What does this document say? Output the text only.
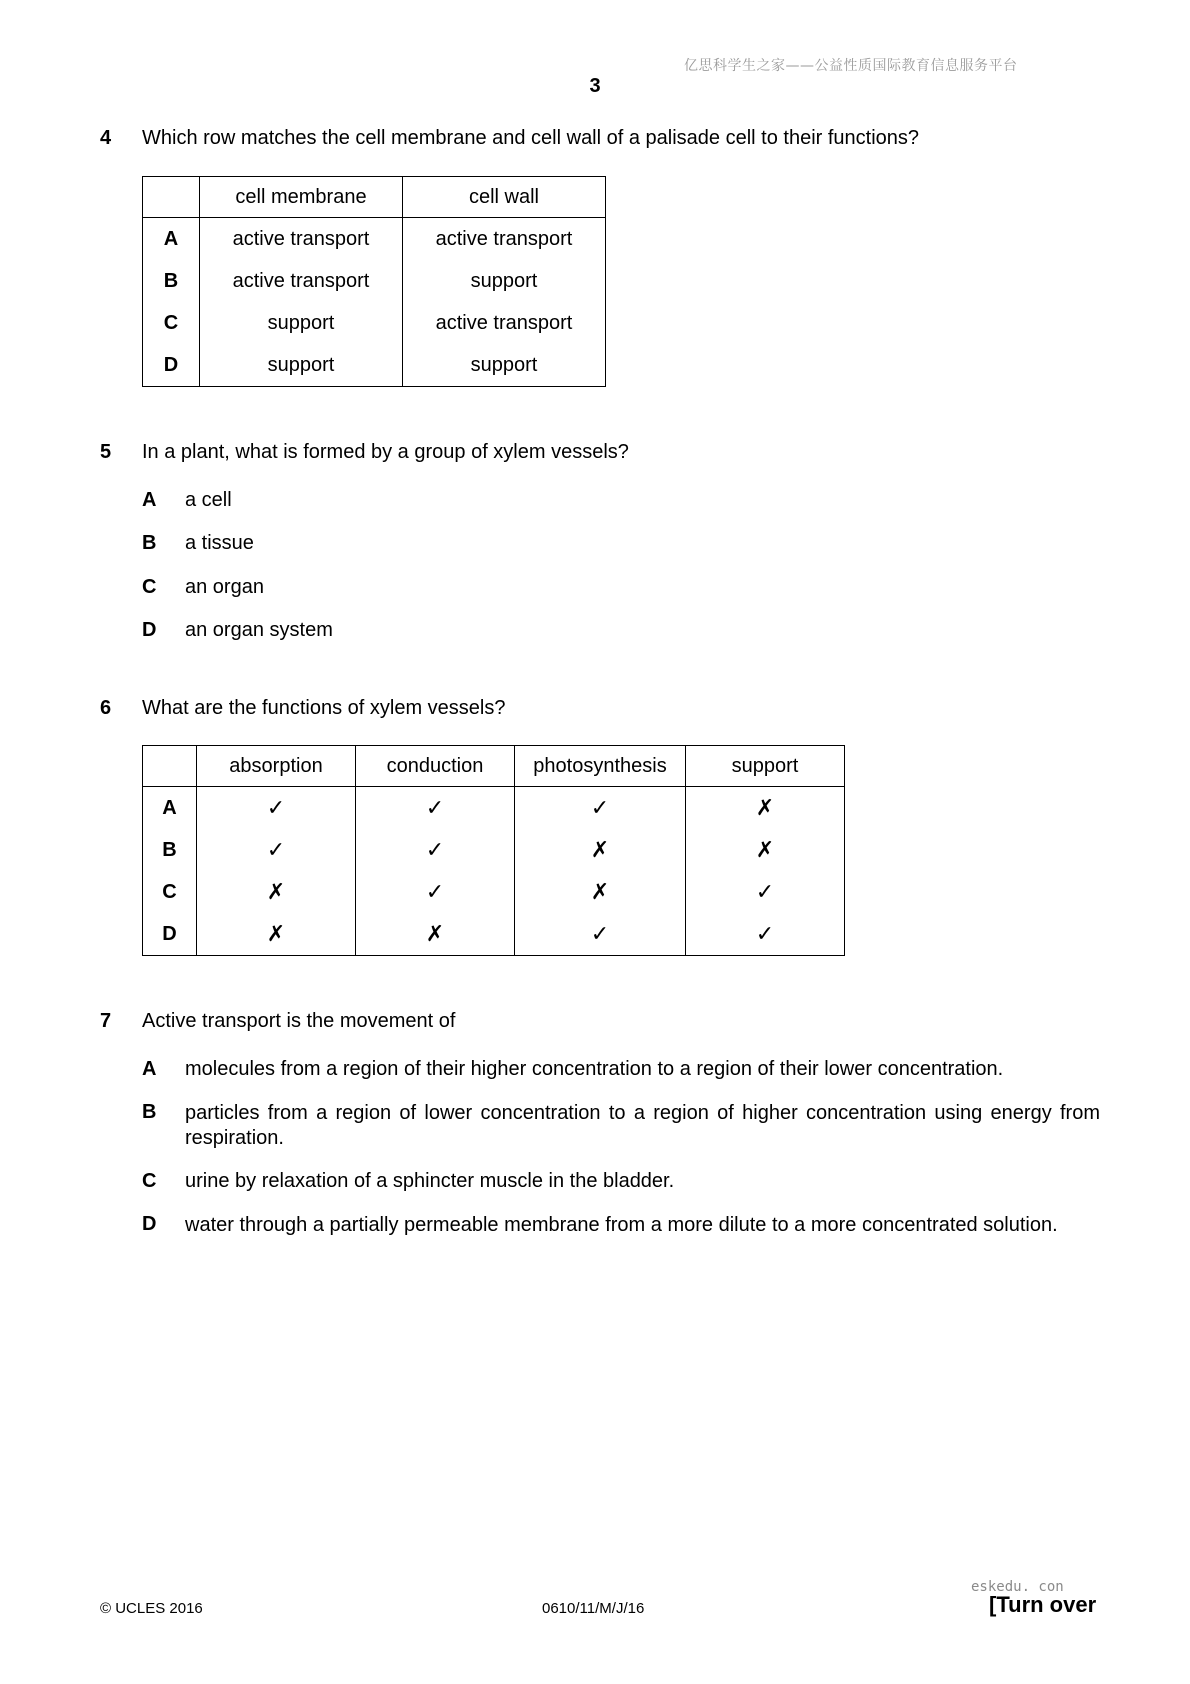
亿思科学生之家——公益性质国际教育信息服务平台
3
4	Which row matches the cell membrane and cell wall of a palisade cell to their functions?
	cell membrane	cell wall
A	active transport	active transport
B	active transport	support
C	support	active transport
D	support	support
5	In a plant, what is formed by a group of xylem vessels?
A a cell
B a tissue
C an organ
D an organ system
6	What are the functions of xylem vessels?
	absorption	conduction	photosynthesis	support
A	✓	✓	✓	✗
B	✓	✓	✗	✗
C	✗	✓	✗	✓
D	✗	✗	✓	✓
7	Active transport is the movement of
A molecules from a region of their higher concentration to a region of their lower concentration.
B particles from a region of lower concentration to a region of higher concentration using energy from respiration.
C urine by relaxation of a sphincter muscle in the bladder.
D water through a partially permeable membrane from a more dilute to a more concentrated solution.
© UCLES 2016	0610/11/M/J/16
eskedu. con
[Turn over
